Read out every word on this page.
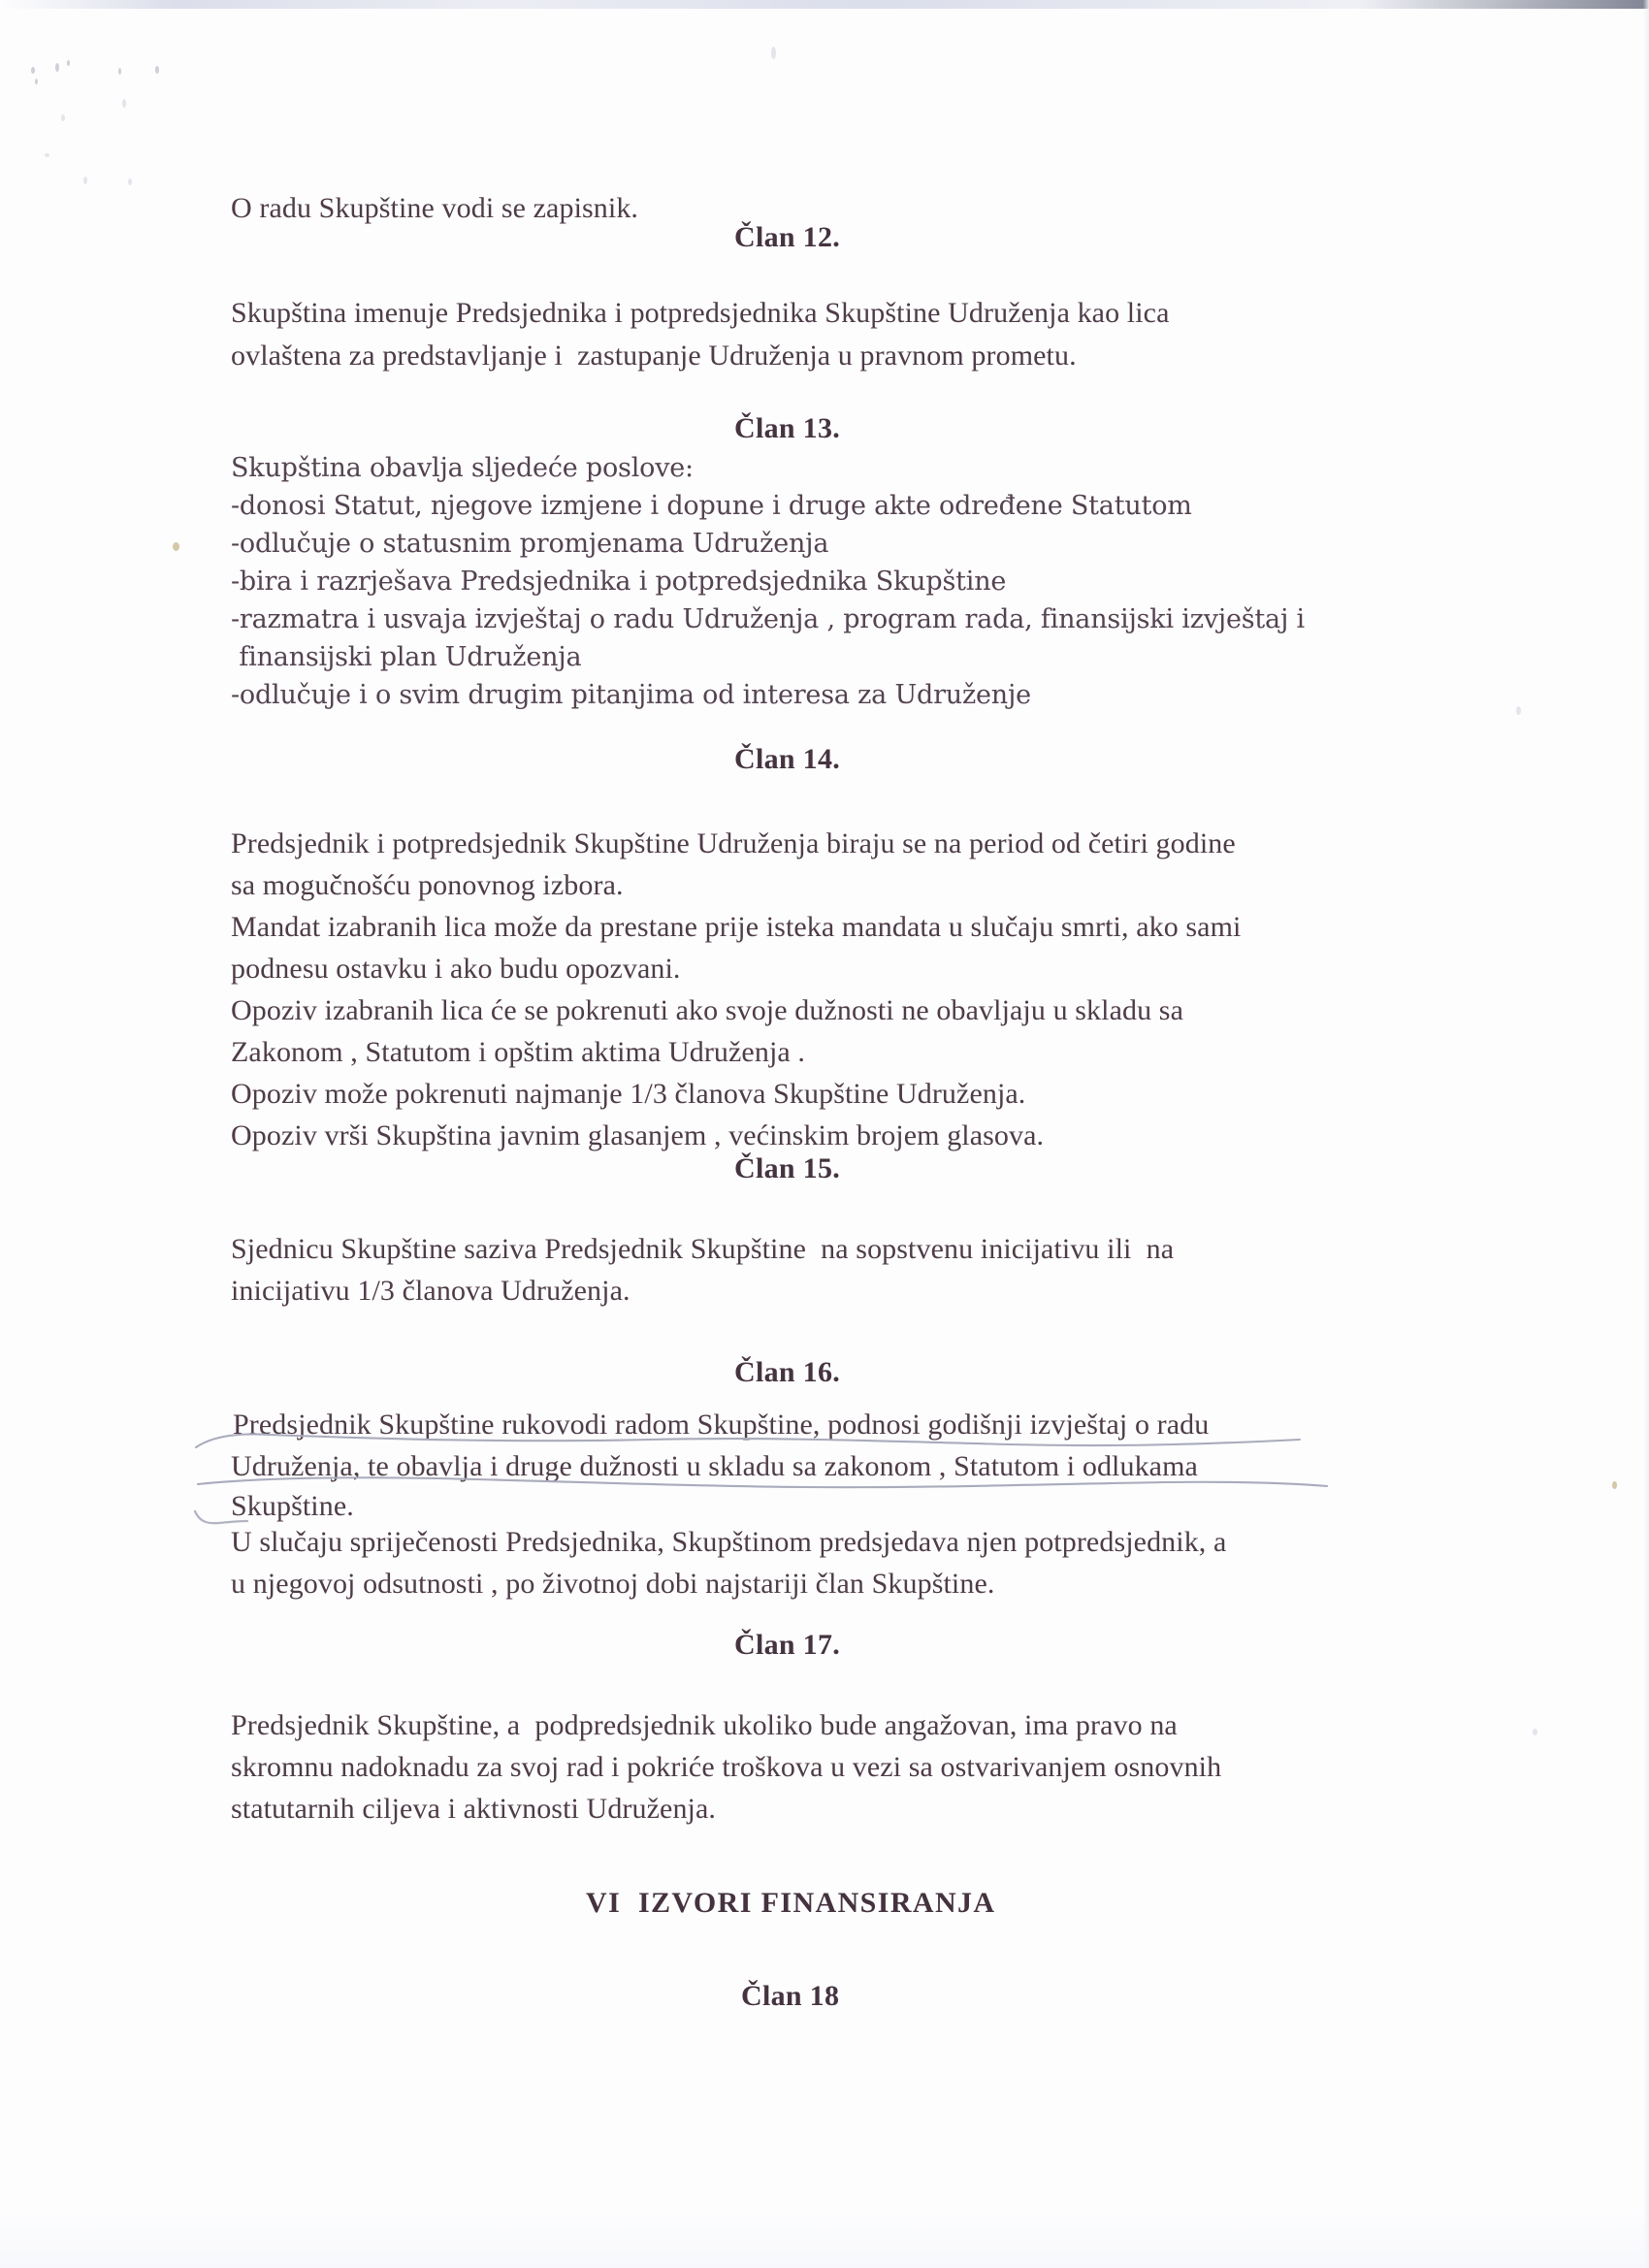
O radu Skupštine vodi se zapisnik.
Član 12.
Skupština imenuje Predsjednika i potpredsjednika Skupštine Udruženja kao lica
ovlaštena za predstavljanje i  zastupanje Udruženja u pravnom prometu.
Član 13.
Skupština obavlja sljedeće poslove:
-donosi Statut, njegove izmjene i dopune i druge akte određene Statutom
-odlučuje o statusnim promjenama Udruženja
-bira i razrješava Predsjednika i potpredsjednika Skupštine
-razmatra i usvaja izvještaj o radu Udruženja , program rada, finansijski izvještaj i
finansijski plan Udruženja
-odlučuje i o svim drugim pitanjima od interesa za Udruženje
Član 14.
Predsjednik i potpredsjednik Skupštine Udruženja biraju se na period od četiri godine
sa mogučnošću ponovnog izbora.
Mandat izabranih lica može da prestane prije isteka mandata u slučaju smrti, ako sami
podnesu ostavku i ako budu opozvani.
Opoziv izabranih lica će se pokrenuti ako svoje dužnosti ne obavljaju u skladu sa
Zakonom , Statutom i opštim aktima Udruženja .
Opoziv može pokrenuti najmanje 1/3 članova Skupštine Udruženja.
Opoziv vrši Skupština javnim glasanjem , većinskim brojem glasova.
Član 15.
Sjednicu Skupštine saziva Predsjednik Skupštine  na sopstvenu inicijativu ili  na
inicijativu 1/3 članova Udruženja.
Član 16.
Predsjednik Skupštine rukovodi radom Skupštine, podnosi godišnji izvještaj o radu
Udruženja, te obavlja i druge dužnosti u skladu sa zakonom , Statutom i odlukama
Skupštine.
U slučaju spriječenosti Predsjednika, Skupštinom predsjedava njen potpredsjednik, a
u njegovoj odsutnosti , po životnoj dobi najstariji član Skupštine.
Član 17.
Predsjednik Skupštine, a  podpredsjednik ukoliko bude angažovan, ima pravo na
skromnu nadoknadu za svoj rad i pokriće troškova u vezi sa ostvarivanjem osnovnih
statutarnih ciljeva i aktivnosti Udruženja.
VI  IZVORI FINANSIRANJA
Član 18
